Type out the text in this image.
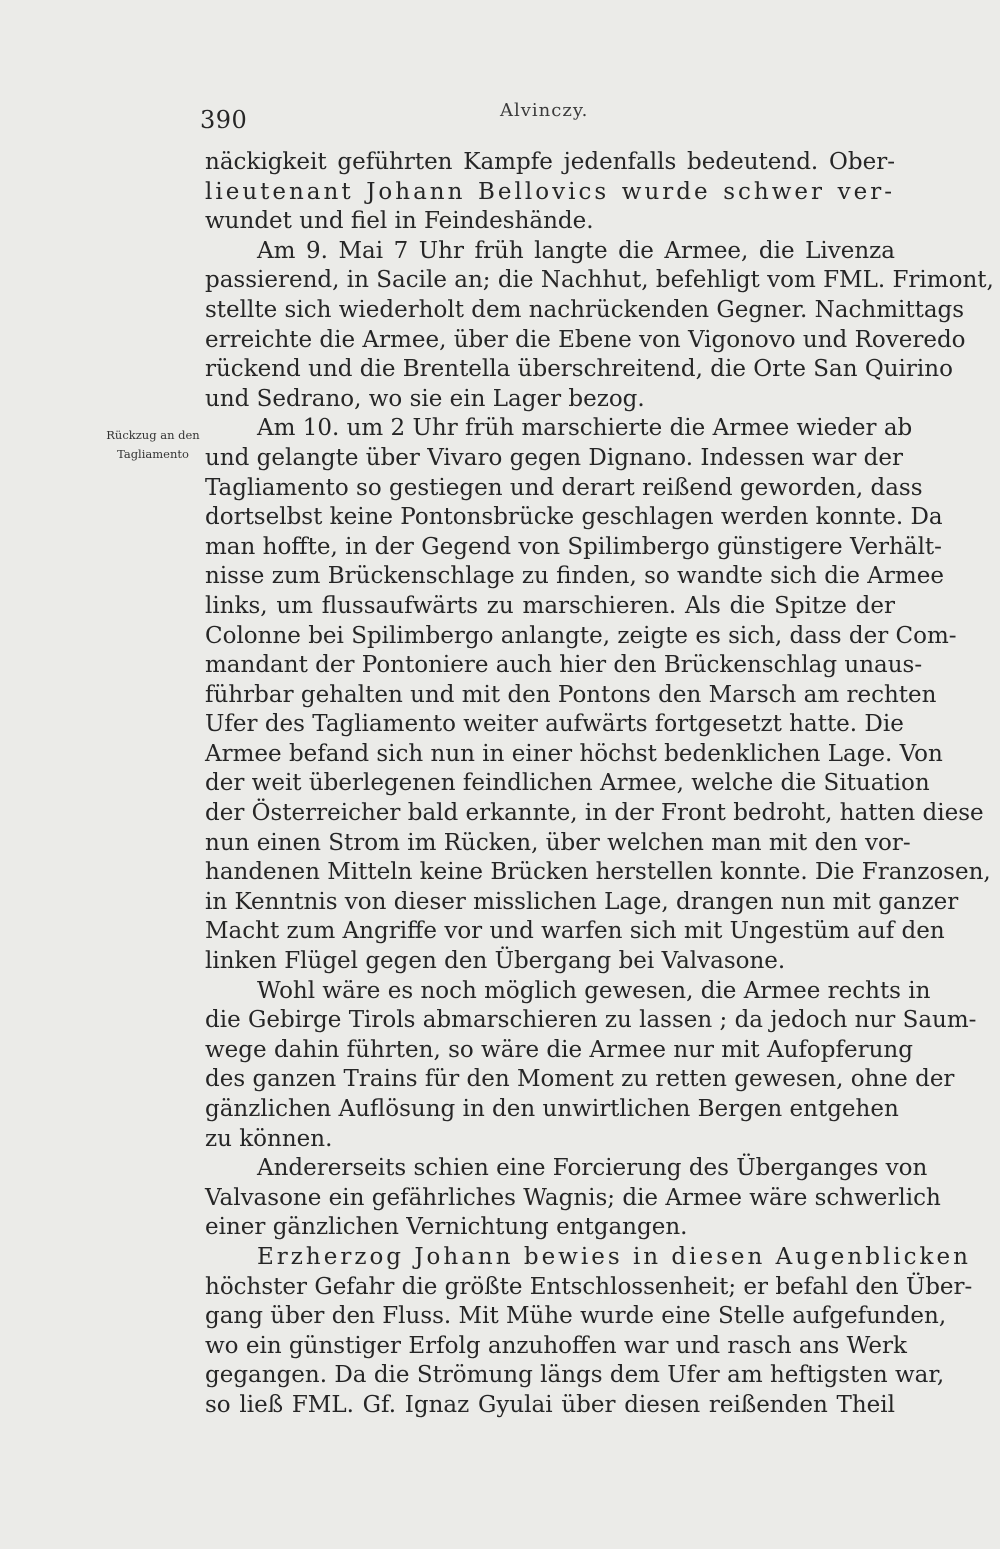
390	Alvinczy.
Rückzug an den
Tagliamento
näckigkeit geführten Kampfe jedenfalls bedeutend. Ober-
lieutenant Johann Bellovics wurde schwer ver-
wundet und fiel in Feindeshände.
Am 9. Mai 7 Uhr früh langte die Armee, die Livenza
passierend, in Sacile an; die Nachhut, befehligt vom FML. Frimont,
stellte sich wiederholt dem nachrückenden Gegner. Nachmittags
erreichte die Armee, über die Ebene von Vigonovo und Roveredo
rückend und die Brentella überschreitend, die Orte San Quirino
und Sedrano, wo sie ein Lager bezog.
Am 10. um 2 Uhr früh marschierte die Armee wieder ab
und gelangte über Vivaro gegen Dignano. Indessen war der
Tagliamento so gestiegen und derart reißend geworden, dass
dortselbst keine Pontonsbrücke geschlagen werden konnte. Da
man hoffte, in der Gegend von Spilimbergo günstigere Verhält-
nisse zum Brückenschlage zu finden, so wandte sich die Armee
links, um flussaufwärts zu marschieren. Als die Spitze der
Colonne bei Spilimbergo anlangte, zeigte es sich, dass der Com-
mandant der Pontoniere auch hier den Brückenschlag unaus-
führbar gehalten und mit den Pontons den Marsch am rechten
Ufer des Tagliamento weiter aufwärts fortgesetzt hatte. Die
Armee befand sich nun in einer höchst bedenklichen Lage. Von
der weit überlegenen feindlichen Armee, welche die Situation
der Österreicher bald erkannte, in der Front bedroht, hatten diese
nun einen Strom im Rücken, über welchen man mit den vor-
handenen Mitteln keine Brücken herstellen konnte. Die Franzosen,
in Kenntnis von dieser misslichen Lage, drangen nun mit ganzer
Macht zum Angriffe vor und warfen sich mit Ungestüm auf den
linken Flügel gegen den Übergang bei Valvasone.
Wohl wäre es noch möglich gewesen, die Armee rechts in
die Gebirge Tirols abmarschieren zu lassen ; da jedoch nur Saum-
wege dahin führten, so wäre die Armee nur mit Aufopferung
des ganzen Trains für den Moment zu retten gewesen, ohne der
gänzlichen Auflösung in den unwirtlichen Bergen entgehen
zu können.
Andererseits schien eine Forcierung des Überganges von
Valvasone ein gefährliches Wagnis; die Armee wäre schwerlich
einer gänzlichen Vernichtung entgangen.
Erzherzog Johann bewies in diesen Augenblicken
höchster Gefahr die größte Entschlossenheit; er befahl den Über-
gang über den Fluss. Mit Mühe wurde eine Stelle aufgefunden,
wo ein günstiger Erfolg anzuhoffen war und rasch ans Werk
gegangen. Da die Strömung längs dem Ufer am heftigsten war,
so ließ FML. Gf. Ignaz Gyulai über diesen reißenden Theil
